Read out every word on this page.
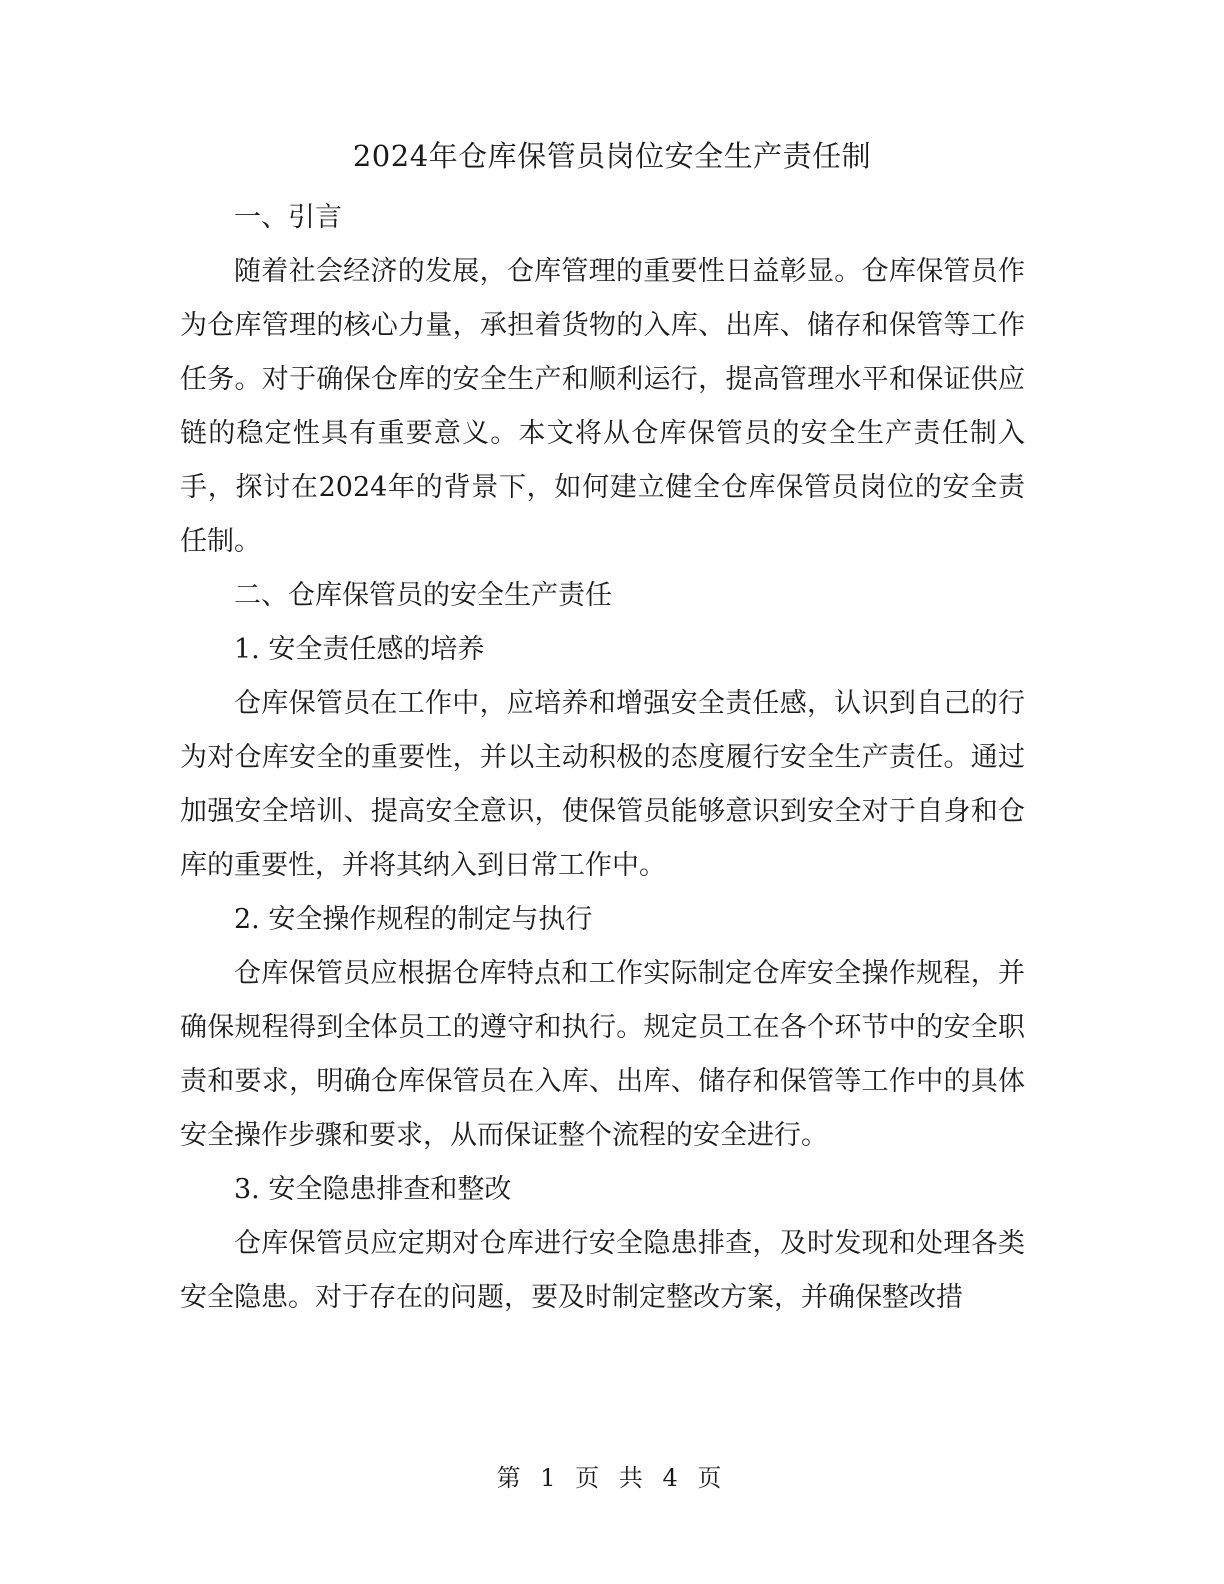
2024年仓库保管员岗位安全生产责任制

一、引言

随着社会经济的发展，仓库管理的重要性日益彰显。仓库保管员作为仓库管理的核心力量，承担着货物的入库、出库、储存和保管等工作任务。对于确保仓库的安全生产和顺利运行，提高管理水平和保证供应链的稳定性具有重要意义。本文将从仓库保管员的安全生产责任制入手，探讨在2024年的背景下，如何建立健全仓库保管员岗位的安全责任制。

二、仓库保管员的安全生产责任

1. 安全责任感的培养

仓库保管员在工作中，应培养和增强安全责任感，认识到自己的行为对仓库安全的重要性，并以主动积极的态度履行安全生产责任。通过加强安全培训、提高安全意识，使保管员能够意识到安全对于自身和仓库的重要性，并将其纳入到日常工作中。

2. 安全操作规程的制定与执行

仓库保管员应根据仓库特点和工作实际制定仓库安全操作规程，并确保规程得到全体员工的遵守和执行。规定员工在各个环节中的安全职责和要求，明确仓库保管员在入库、出库、储存和保管等工作中的具体安全操作步骤和要求，从而保证整个流程的安全进行。

3. 安全隐患排查和整改

仓库保管员应定期对仓库进行安全隐患排查，及时发现和处理各类安全隐患。对于存在的问题，要及时制定整改方案，并确保整改措

第 1 页 共 4 页
